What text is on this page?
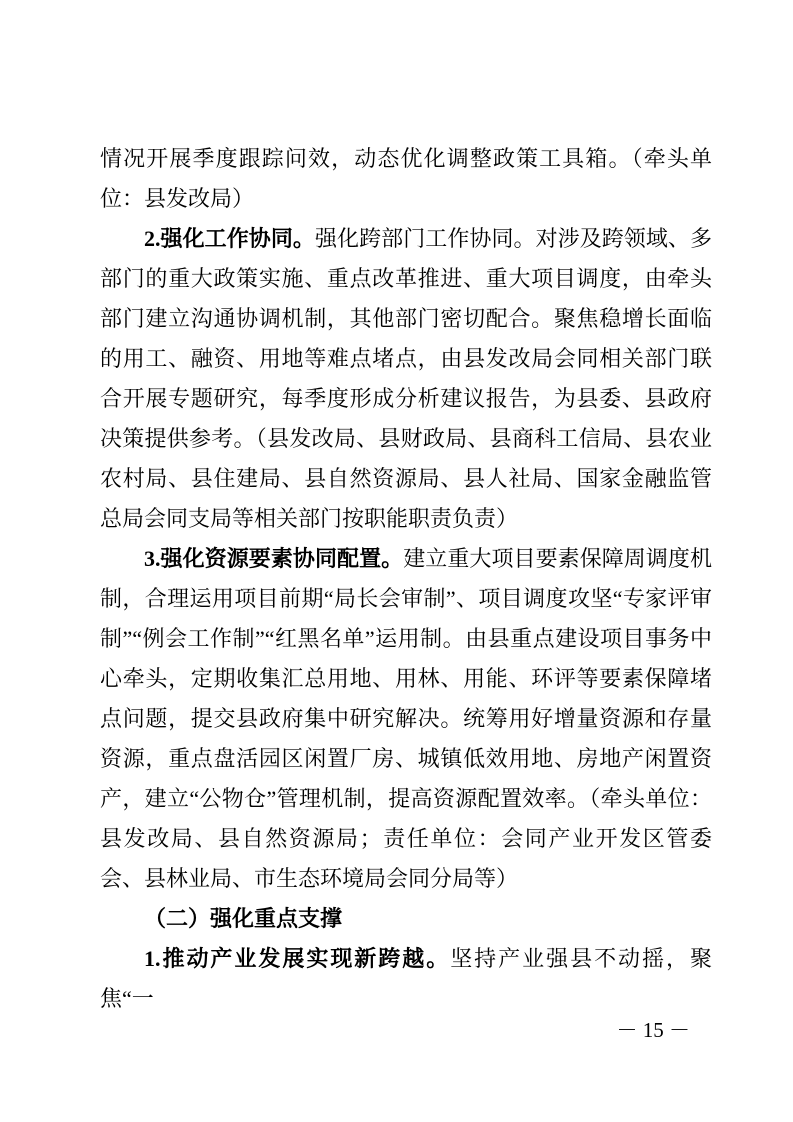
情况开展季度跟踪问效，动态优化调整政策工具箱。（牵头单位：县发改局）

2.强化工作协同。强化跨部门工作协同。对涉及跨领域、多部门的重大政策实施、重点改革推进、重大项目调度，由牵头部门建立沟通协调机制，其他部门密切配合。聚焦稳增长面临的用工、融资、用地等难点堵点，由县发改局会同相关部门联合开展专题研究，每季度形成分析建议报告，为县委、县政府决策提供参考。（县发改局、县财政局、县商科工信局、县农业农村局、县住建局、县自然资源局、县人社局、国家金融监管总局会同支局等相关部门按职能职责负责）

3.强化资源要素协同配置。建立重大项目要素保障周调度机制，合理运用项目前期“局长会审制”、项目调度攻坚“专家评审制”“例会工作制”“红黑名单”运用制。由县重点建设项目事务中心牵头，定期收集汇总用地、用林、用能、环评等要素保障堵点问题，提交县政府集中研究解决。统筹用好增量资源和存量资源，重点盘活园区闲置厂房、城镇低效用地、房地产闲置资产，建立“公物仓”管理机制，提高资源配置效率。（牵头单位：县发改局、县自然资源局；责任单位：会同产业开发区管委会、县林业局、市生态环境局会同分局等）

（二）强化重点支撑

1.推动产业发展实现新跨越。坚持产业强县不动摇，聚焦“一

－ 15 －
